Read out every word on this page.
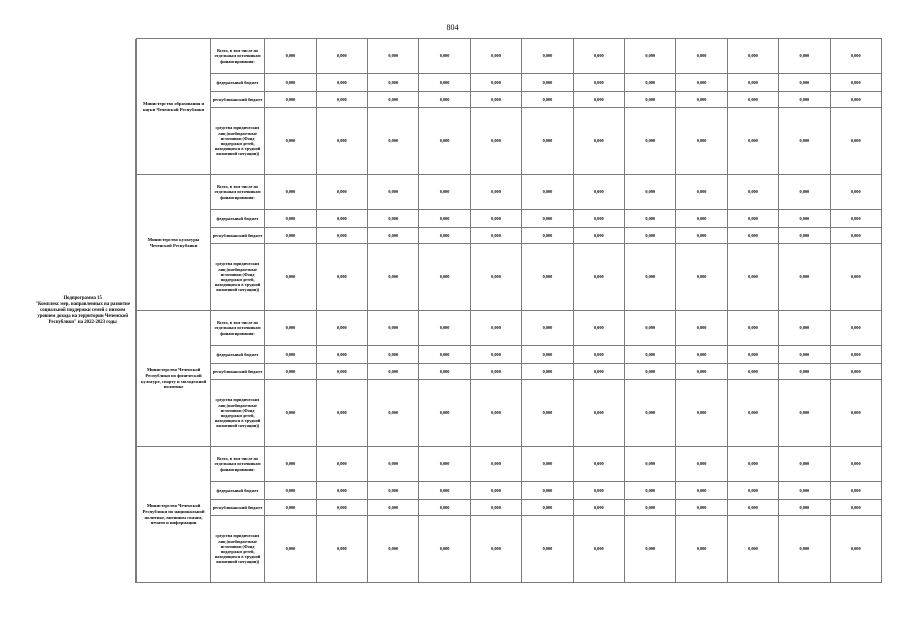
804
Подпрограмма 15
"Комплекс мер, направленных на развитие социальной поддержки семей с низким уровнем дохода на территории Чеченской Республики" на 2022-2023 годы		Министерство образования и науки Чеченской Республики	Всего, в том числе по отдельным источникам финансирования:	0,000	0,000	0,000	0,000	0,000	0,000	0,000	0,000	0,000	0,000	0,000	0,000
		федеральный бюджет	0,000	0,000	0,000	0,000	0,000	0,000	0,000	0,000	0,000	0,000	0,000	0,000
		республиканский бюджет	0,000	0,000	0,000	0,000	0,000	0,000	0,000	0,000	0,000	0,000	0,000	0,000
		средства юридических лиц (внебюджетные источники (Фонд поддержки детей, находящихся в трудной жизненной ситуации))	0,000	0,000	0,000	0,000	0,000	0,000	0,000	0,000	0,000	0,000	0,000	0,000
	Министерство культуры Чеченской Республики	Всего, в том числе по отдельным источникам финансирования:	0,000	0,000	0,000	0,000	0,000	0,000	0,000	0,000	0,000	0,000	0,000	0,000
		федеральный бюджет	0,000	0,000	0,000	0,000	0,000	0,000	0,000	0,000	0,000	0,000	0,000	0,000
		республиканский бюджет	0,000	0,000	0,000	0,000	0,000	0,000	0,000	0,000	0,000	0,000	0,000	0,000
		средства юридических лиц (внебюджетные источники (Фонд поддержки детей, находящихся в трудной жизненной ситуации))	0,000	0,000	0,000	0,000	0,000	0,000	0,000	0,000	0,000	0,000	0,000	0,000
	Министерство Чеченской Республики по физической культуре, спорту и молодежной политике	Всего, в том числе по отдельным источникам финансирования:	0,000	0,000	0,000	0,000	0,000	0,000	0,000	0,000	0,000	0,000	0,000	0,000
		федеральный бюджет	0,000	0,000	0,000	0,000	0,000	0,000	0,000	0,000	0,000	0,000	0,000	0,000
		республиканский бюджет	0,000	0,000	0,000	0,000	0,000	0,000	0,000	0,000	0,000	0,000	0,000	0,000
		средства юридических лиц (внебюджетные источники (Фонд поддержки детей, находящихся в трудной жизненной ситуации))	0,000	0,000	0,000	0,000	0,000	0,000	0,000	0,000	0,000	0,000	0,000	0,000
	Министерство Чеченской Республики по национальной политике, внешним связям, печати и информации	Всего, в том числе по отдельным источникам финансирования:	0,000	0,000	0,000	0,000	0,000	0,000	0,000	0,000	0,000	0,000	0,000	0,000
		федеральный бюджет	0,000	0,000	0,000	0,000	0,000	0,000	0,000	0,000	0,000	0,000	0,000	0,000
		республиканский бюджет	0,000	0,000	0,000	0,000	0,000	0,000	0,000	0,000	0,000	0,000	0,000	0,000
		средства юридических лиц (внебюджетные источники (Фонд поддержки детей, находящихся в трудной жизненной ситуации))	0,000	0,000	0,000	0,000	0,000	0,000	0,000	0,000	0,000	0,000	0,000	0,000
